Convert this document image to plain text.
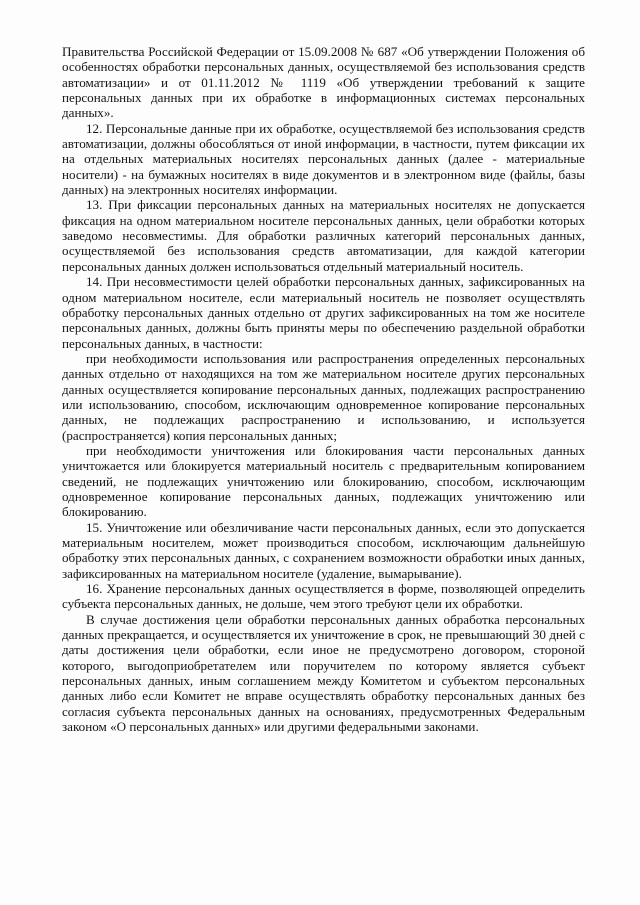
Правительства Российской Федерации от 15.09.2008 № 687 «Об утверждении Положения об особенностях обработки персональных данных, осуществляемой без использования средств автоматизации» и от 01.11.2012 № 1119 «Об утверждении требований к защите персональных данных при их обработке в информационных системах персональных данных».

12. Персональные данные при их обработке, осуществляемой без использования средств автоматизации, должны обособляться от иной информации, в частности, путем фиксации их на отдельных материальных носителях персональных данных (далее - материальные носители) - на бумажных носителях в виде документов и в электронном виде (файлы, базы данных) на электронных носителях информации.

13. При фиксации персональных данных на материальных носителях не допускается фиксация на одном материальном носителе персональных данных, цели обработки которых заведомо несовместимы. Для обработки различных категорий персональных данных, осуществляемой без использования средств автоматизации, для каждой категории персональных данных должен использоваться отдельный материальный носитель.

14. При несовместимости целей обработки персональных данных, зафиксированных на одном материальном носителе, если материальный носитель не позволяет осуществлять обработку персональных данных отдельно от других зафиксированных на том же носителе персональных данных, должны быть приняты меры по обеспечению раздельной обработки персональных данных, в частности:

при необходимости использования или распространения определенных персональных данных отдельно от находящихся на том же материальном носителе других персональных данных осуществляется копирование персональных данных, подлежащих распространению или использованию, способом, исключающим одновременное копирование персональных данных, не подлежащих распространению и использованию, и используется (распространяется) копия персональных данных;

при необходимости уничтожения или блокирования части персональных данных уничтожается или блокируется материальный носитель с предварительным копированием сведений, не подлежащих уничтожению или блокированию, способом, исключающим одновременное копирование персональных данных, подлежащих уничтожению или блокированию.

15. Уничтожение или обезличивание части персональных данных, если это допускается материальным носителем, может производиться способом, исключающим дальнейшую обработку этих персональных данных, с сохранением возможности обработки иных данных, зафиксированных на материальном носителе (удаление, вымарывание).

16. Хранение персональных данных осуществляется в форме, позволяющей определить субъекта персональных данных, не дольше, чем этого требуют цели их обработки.

В случае достижения цели обработки персональных данных обработка персональных данных прекращается, и осуществляется их уничтожение в срок, не превышающий 30 дней с даты достижения цели обработки, если иное не предусмотрено договором, стороной которого, выгодоприобретателем или поручителем по которому является субъект персональных данных, иным соглашением между Комитетом и субъектом персональных данных либо если Комитет не вправе осуществлять обработку персональных данных без согласия субъекта персональных данных на основаниях, предусмотренных Федеральным законом «О персональных данных» или другими федеральными законами.
